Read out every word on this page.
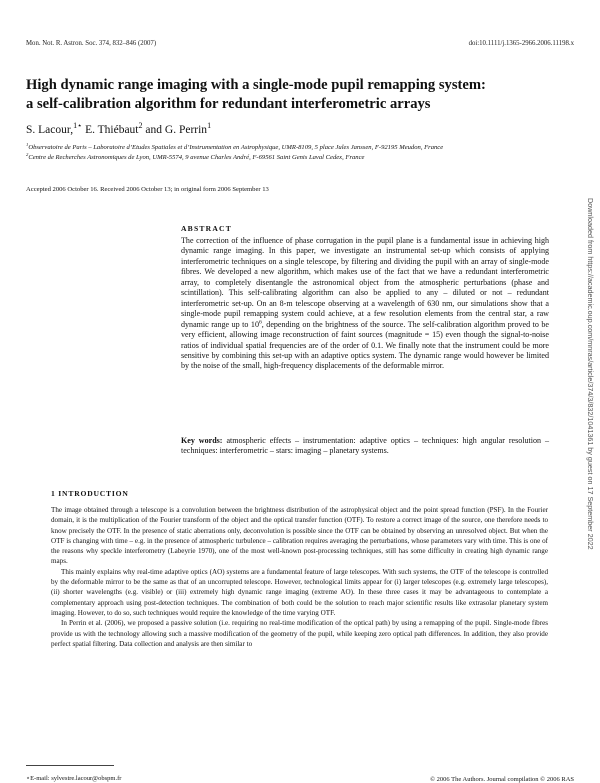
Mon. Not. R. Astron. Soc. 374, 832–846 (2007)	doi:10.1111/j.1365-2966.2006.11198.x
High dynamic range imaging with a single-mode pupil remapping system:
a self-calibration algorithm for redundant interferometric arrays
S. Lacour,$^{1⋆}$ E. Thiébaut$^2$ and G. Perrin$^1$
$^1$Observatoire de Paris – Laboratoire d’Etudes Spatiales et d’Instrumentation en Astrophysique, UMR-8109, 5 place Jules Janssen, F-92195 Meudon, France
$^2$Centre de Recherches Astronomiques de Lyon, UMR-5574, 9 avenue Charles André, F-69561 Saint Genis Laval Cedex, France
Accepted 2006 October 16. Received 2006 October 13; in original form 2006 September 13
ABSTRACT
The correction of the influence of phase corrugation in the pupil plane is a fundamental issue in achieving high dynamic range imaging. In this paper, we investigate an instrumental set-up which consists of applying interferometric techniques on a single telescope, by filtering and dividing the pupil with an array of single-mode fibres. We developed a new algorithm, which makes use of the fact that we have a redundant interferometric array, to completely disentangle the astronomical object from the atmospheric perturbations (phase and scintillation). This self-calibrating algorithm can also be applied to any – diluted or not – redundant interferometric set-up. On an 8-m telescope observing at a wavelength of 630 nm, our simulations show that a single-mode pupil remapping system could achieve, at a few resolution elements from the central star, a raw dynamic range up to $10^6$, depending on the brightness of the source. The self-calibration algorithm proved to be very efficient, allowing image reconstruction of faint sources (magnitude = 15) even though the signal-to-noise ratios of individual spatial frequencies are of the order of 0.1. We finally note that the instrument could be more sensitive by combining this set-up with an adaptive optics system. The dynamic range would however be limited by the noise of the small, high-frequency displacements of the deformable mirror.
Key words: atmospheric effects – instrumentation: adaptive optics – techniques: high angular resolution – techniques: interferometric – stars: imaging – planetary systems.
1 INTRODUCTION

The image obtained through a telescope is a convolution between the brightness distribution of the astrophysical object and the point spread function (PSF). In the Fourier domain, it is the multiplication of the Fourier transform of the object and the optical transfer function (OTF). To restore a correct image of the source, one therefore needs to know precisely the OTF. In the presence of static aberrations only, deconvolution is possible since the OTF can be obtained by observing an unresolved object. But when the OTF is changing with time – e.g. in the presence of atmospheric turbulence – calibration requires averaging the perturbations, whose parameters vary with time. This is one of the reasons why speckle interferometry (Labeyrie 1970), one of the most well-known post-processing techniques, still has some difficulty in creating high dynamic range maps.

This mainly explains why real-time adaptive optics (AO) systems are a fundamental feature of large telescopes. With such systems, the OTF of the telescope is controlled by the deformable mirror to be the same as that of an uncorrupted telescope. However, technological limits appear for (i) larger telescopes (e.g. extremely large telescopes), (ii) shorter wavelengths (e.g. visible) or (iii) extremely high dynamic range imaging (extreme AO). In these three cases it may be advantageous to contemplate a complementary approach using post-detection techniques. The combination of both could be the solution to reach major scientific results like extrasolar planetary system imaging. However, to do so, such techniques would require the knowledge of the time varying OTF.

In Perrin et al. (2006), we proposed a passive solution (i.e. requiring no real-time modification of the optical path) by using a remapping of the pupil. Single-mode fibres provide us with the technology allowing such a massive modification of the geometry of the pupil, while keeping zero optical path differences. In addition, they also provide perfect spatial filtering. Data collection and analysis are then similar to

⋆E-mail: sylvestre.lacour@obspm.fr	© 2006 The Authors. Journal compilation © 2006 RAS
Downloaded from https://academic.oup.com/mnras/article/374/3/832/1041361 by guest on 17 September 2022
